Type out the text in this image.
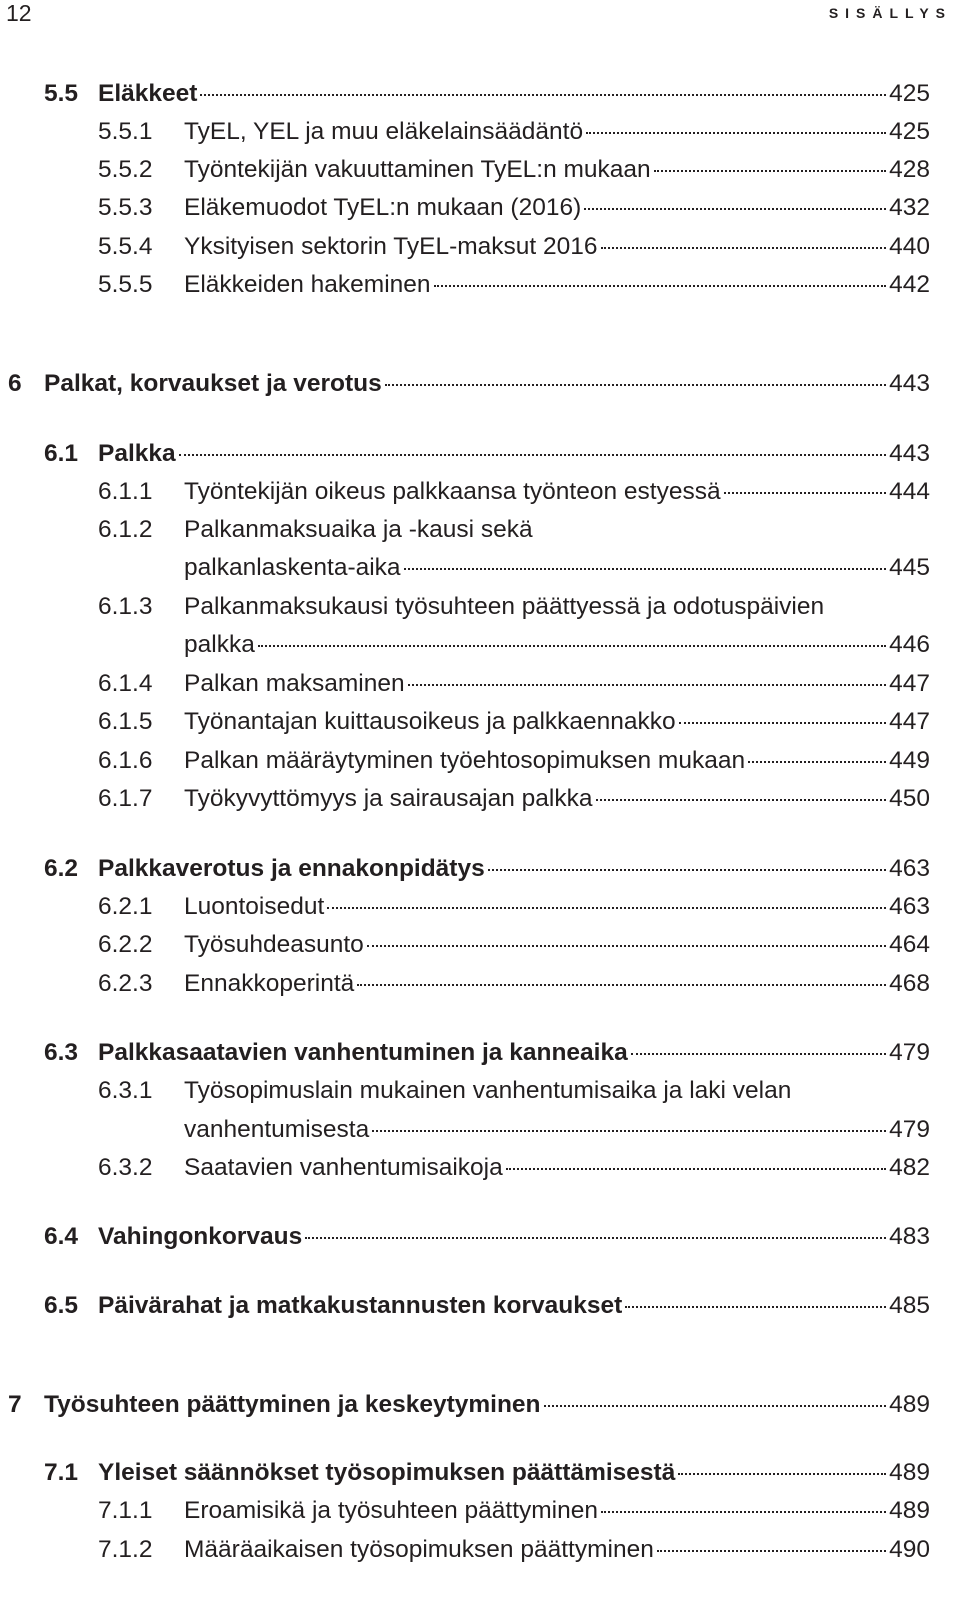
12	SISÄLLYS
5.5 Eläkkeet	425
5.5.1 TyEL, YEL ja muu eläkelainsäädäntö	425
5.5.2 Työntekijän vakuuttaminen TyEL:n mukaan	428
5.5.3 Eläkemuodot TyEL:n mukaan (2016)	432
5.5.4 Yksityisen sektorin TyEL-maksut 2016	440
5.5.5 Eläkkeiden hakeminen	442
6 Palkat, korvaukset ja verotus	443
6.1 Palkka	443
6.1.1 Työntekijän oikeus palkkaansa työnteon estyessä	444
6.1.2 Palkanmaksuaika ja -kausi sekä
palkanlaskenta-aika	445
6.1.3 Palkanmaksukausi työsuhteen päättyessä ja odotuspäivien
palkka	446
6.1.4 Palkan maksaminen	447
6.1.5 Työnantajan kuittausoikeus ja palkkaennakko	447
6.1.6 Palkan määräytyminen työehtosopimuksen mukaan	449
6.1.7 Työkyvyttömyys ja sairausajan palkka	450
6.2 Palkkaverotus ja ennakonpidätys	463
6.2.1 Luontoisedut	463
6.2.2 Työsuhdeasunto	464
6.2.3 Ennakkoperintä	468
6.3 Palkkasaatavien vanhentuminen ja kanneaika	479
6.3.1 Työsopimuslain mukainen vanhentumisaika ja laki velan
vanhentumisesta	479
6.3.2 Saatavien vanhentumisaikoja	482
6.4 Vahingonkorvaus	483
6.5 Päivärahat ja matkakustannusten korvaukset	485
7 Työsuhteen päättyminen ja keskeytyminen	489
7.1 Yleiset säännökset työsopimuksen päättämisestä	489
7.1.1 Eroamisikä ja työsuhteen päättyminen	489
7.1.2 Määräaikaisen työsopimuksen päättyminen	490
